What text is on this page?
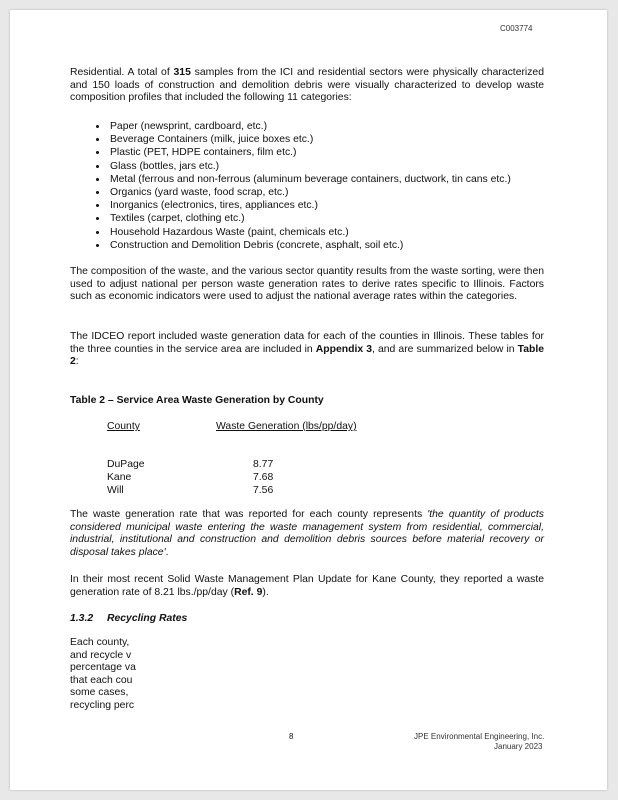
C003774
Residential. A total of 315 samples from the ICI and residential sectors were physically characterized and 150 loads of construction and demolition debris were visually characterized to develop waste composition profiles that included the following 11 categories:
• Paper (newsprint, cardboard, etc.)
• Beverage Containers (milk, juice boxes etc.)
• Plastic (PET, HDPE containers, film etc.)
• Glass (bottles, jars etc.)
• Metal (ferrous and non-ferrous (aluminum beverage containers, ductwork, tin cans etc.)
• Organics (yard waste, food scrap, etc.)
• Inorganics (electronics, tires, appliances etc.)
• Textiles (carpet, clothing etc.)
• Household Hazardous Waste (paint, chemicals etc.)
• Construction and Demolition Debris (concrete, asphalt, soil etc.)
The composition of the waste, and the various sector quantity results from the waste sorting, were then used to adjust national per person waste generation rates to derive rates specific to Illinois. Factors such as economic indicators were used to adjust the national average rates within the categories.
The IDCEO report included waste generation data for each of the counties in Illinois. These tables for the three counties in the service area are included in Appendix 3, and are summarized below in Table 2:
Table 2 – Service Area Waste Generation by County
County	Waste Generation (lbs/pp/day)
DuPage	8.77
Kane	7.68
Will	7.56
The waste generation rate that was reported for each county represents 'the quantity of products considered municipal waste entering the waste management system from residential, commercial, industrial, institutional and construction and demolition debris sources before material recovery or disposal takes place'.
In their most recent Solid Waste Management Plan Update for Kane County, they reported a waste generation rate of 8.21 lbs./pp/day (Ref. 9).
1.3.2 Recycling Rates
Each county,
and recycle v
percentage va
that each cou
some cases,
recycling perc
8	JPE Environmental Engineering, Inc.
January 2023
